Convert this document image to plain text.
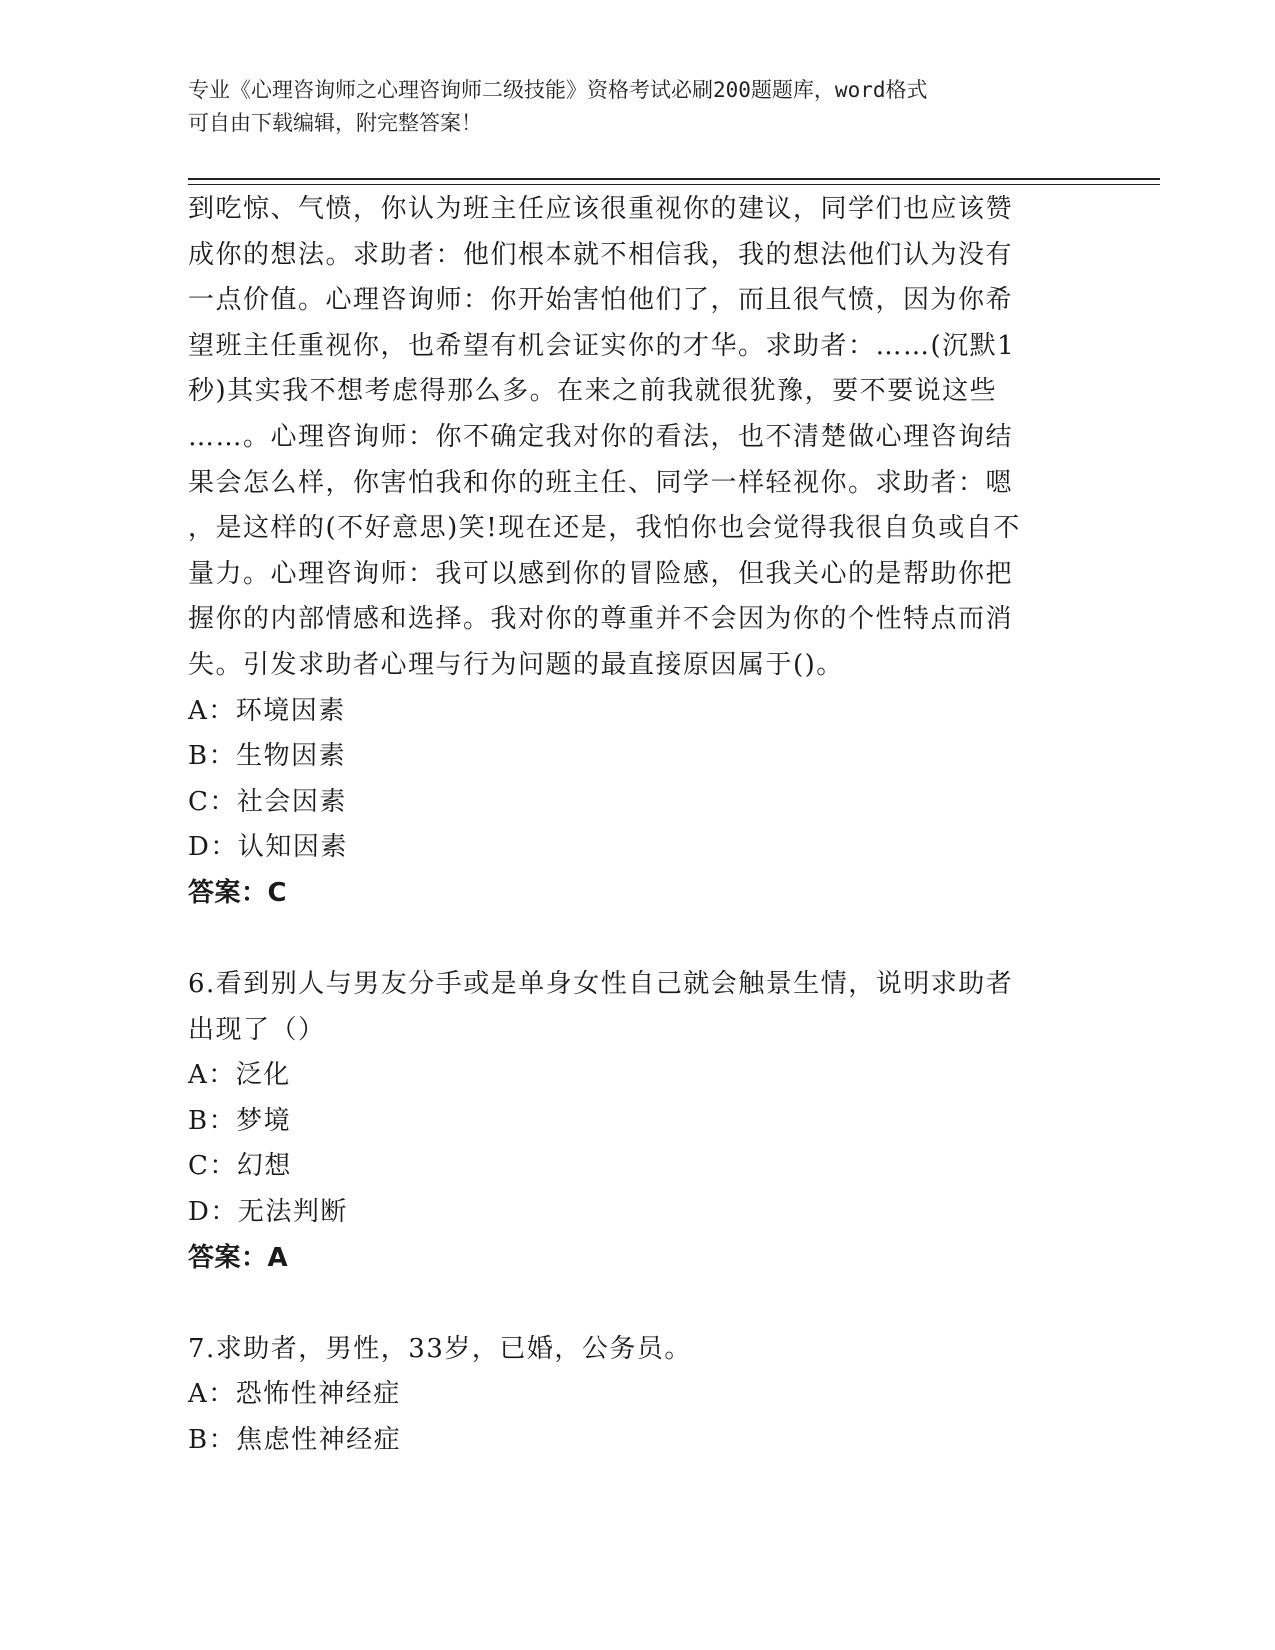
专业《心理咨询师之心理咨询师二级技能》资格考试必刷200题题库，word格式
可自由下载编辑，附完整答案！
到吃惊、气愤，你认为班主任应该很重视你的建议，同学们也应该赞
成你的想法。求助者：他们根本就不相信我，我的想法他们认为没有
一点价值。心理咨询师：你开始害怕他们了，而且很气愤，因为你希
望班主任重视你，也希望有机会证实你的才华。求助者：……(沉默1
秒)其实我不想考虑得那么多。在来之前我就很犹豫，要不要说这些
……。心理咨询师：你不确定我对你的看法，也不清楚做心理咨询结
果会怎么样，你害怕我和你的班主任、同学一样轻视你。求助者：嗯
，是这样的(不好意思)笑!现在还是，我怕你也会觉得我很自负或自不
量力。心理咨询师：我可以感到你的冒险感，但我关心的是帮助你把
握你的内部情感和选择。我对你的尊重并不会因为你的个性特点而消
失。引发求助者心理与行为问题的最直接原因属于()。
A：环境因素
B：生物因素
C：社会因素
D：认知因素
答案：C
6.看到别人与男友分手或是单身女性自己就会触景生情，说明求助者
出现了（）
A：泛化
B：梦境
C：幻想
D：无法判断
答案：A
7.求助者，男性，33岁，已婚，公务员。
A：恐怖性神经症
B：焦虑性神经症
